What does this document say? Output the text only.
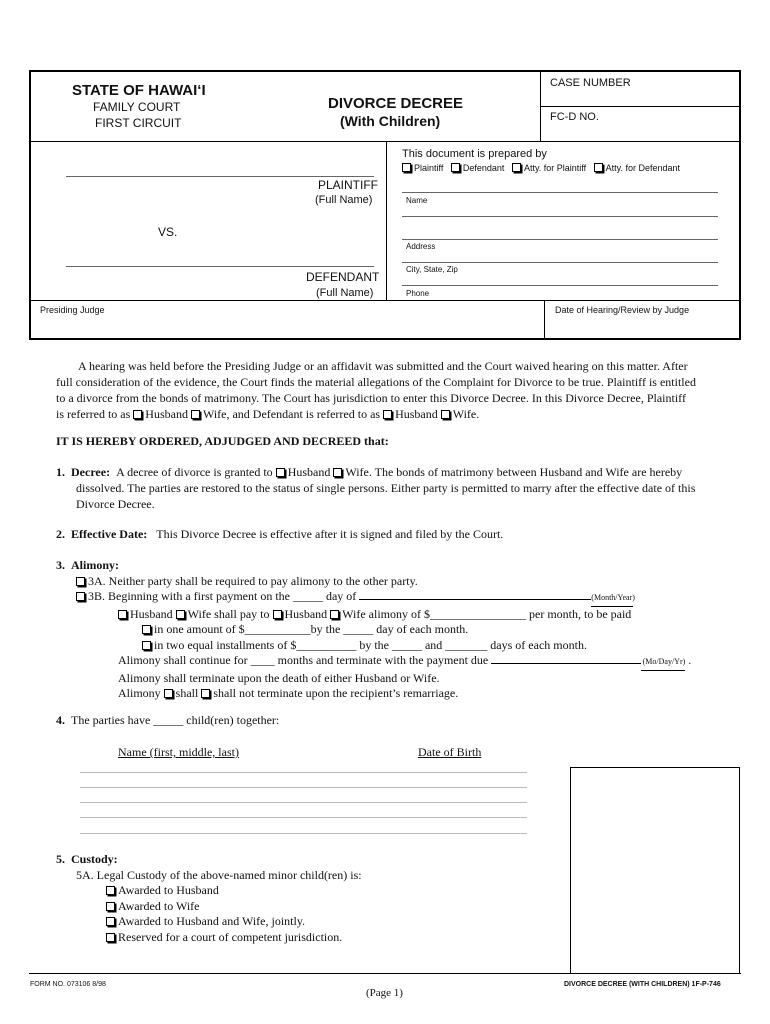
STATE OF HAWAI‘I
FAMILY COURT
FIRST CIRCUIT
DIVORCE DECREE
(With Children)
CASE NUMBER
FC-D NO.
PLAINTIFF
(Full Name)
VS.
DEFENDANT
(Full Name)
This document is prepared by
Plaintiff Defendant Atty. for Plaintiff Atty. for Defendant
Name
Address
City, State, Zip
Phone
Presiding Judge	Date of Hearing/Review by Judge

A hearing was held before the Presiding Judge or an affidavit was submitted and the Court waived hearing on this matter. After

full consideration of the evidence, the Court finds the material allegations of the Complaint for Divorce to be true. Plaintiff is entitled

to a divorce from the bonds of matrimony. The Court has jurisdiction to enter this Divorce Decree. In this Divorce Decree, Plaintiff

is referred to as Husband Wife, and Defendant is referred to as Husband Wife.

IT IS HEREBY ORDERED, ADJUDGED AND DECREED that:

1. Decree: A decree of divorce is granted to Husband Wife. The bonds of matrimony between Husband and Wife are hereby

dissolved. The parties are restored to the status of single persons. Either party is permitted to marry after the effective date of this

Divorce Decree.

2. Effective Date: This Divorce Decree is effective after it is signed and filed by the Court.

3. Alimony:

3A. Neither party shall be required to pay alimony to the other party.

3B. Beginning with a first payment on the _____ day of	(Month/Year)

Husband Wife shall pay to Husband Wife alimony of $________________ per month, to be paid

in one amount of $___________by the _____ day of each month.

in two equal installments of $__________ by the _____ and _______ days of each month.

Alimony shall continue for ____ months and terminate with the payment due	(Mo/Day/Yr) .

Alimony shall terminate upon the death of either Husband or Wife.

Alimony shall shall not terminate upon the recipient’s remarriage.

4. The parties have _____ child(ren) together:
Name (first, middle, last)	Date of Birth

5. Custody:

5A. Legal Custody of the above-named minor child(ren) is:

Awarded to Husband

Awarded to Wife

Awarded to Husband and Wife, jointly.

Reserved for a court of competent jurisdiction.

FORM NO. 073106 8/98
(Page 1)
DIVORCE DECREE (WITH CHILDREN) 1F-P-746
